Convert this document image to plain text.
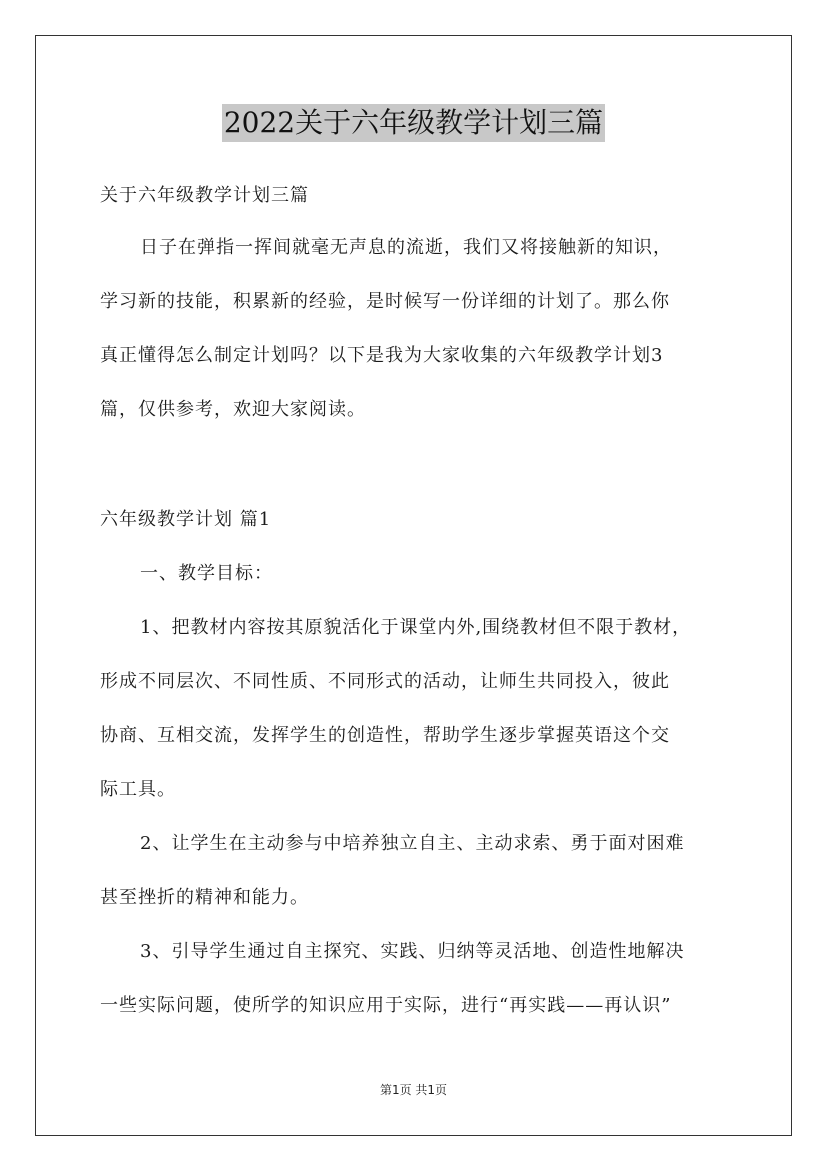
2022关于六年级教学计划三篇
关于六年级教学计划三篇
日子在弹指一挥间就毫无声息的流逝，我们又将接触新的知识，
学习新的技能，积累新的经验，是时候写一份详细的计划了。那么你
真正懂得怎么制定计划吗？以下是我为大家收集的六年级教学计划3
篇，仅供参考，欢迎大家阅读。
六年级教学计划 篇1
一、教学目标：
1、把教材内容按其原貌活化于课堂内外,围绕教材但不限于教材，
形成不同层次、不同性质、不同形式的活动，让师生共同投入，彼此
协商、互相交流，发挥学生的创造性，帮助学生逐步掌握英语这个交
际工具。
2、让学生在主动参与中培养独立自主、主动求索、勇于面对困难
甚至挫折的精神和能力。
3、引导学生通过自主探究、实践、归纳等灵活地、创造性地解决
一些实际问题，使所学的知识应用于实际，进行“再实践——再认识”
第1页 共1页
